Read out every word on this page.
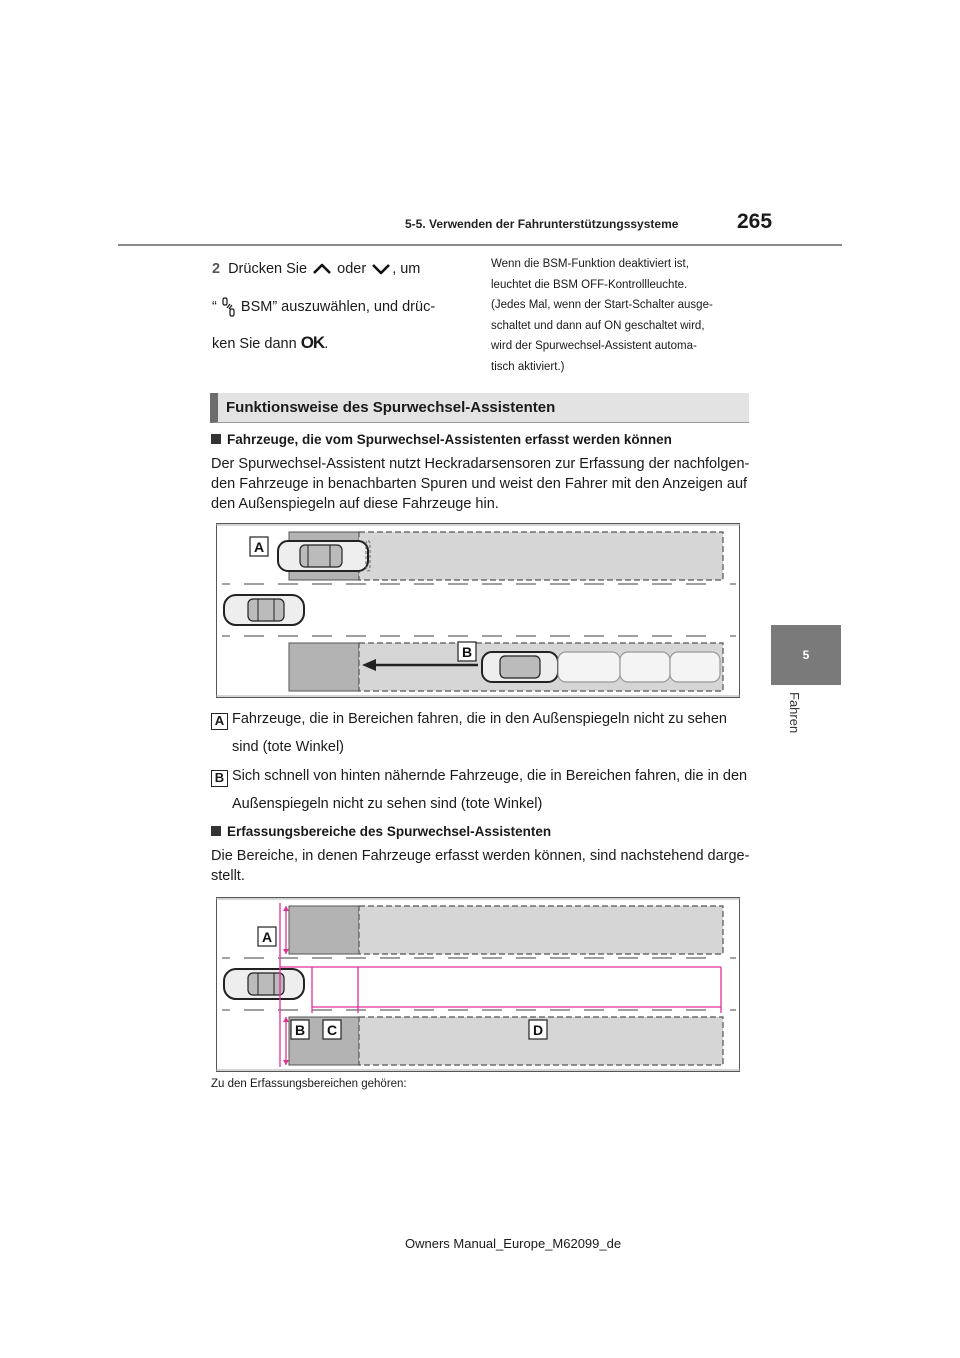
5-5. Verwenden der Fahrunterstützungssysteme	265
5
Fahren
2 Drücken Sie oder , um
“ BSM” auszuwählen, und drüc-
ken Sie dann OK.
Wenn die BSM-Funktion deaktiviert ist,
leuchtet die BSM OFF-Kontrollleuchte.
(Jedes Mal, wenn der Start-Schalter ausge-
schaltet und dann auf ON geschaltet wird,
wird der Spurwechsel-Assistent automa-
tisch aktiviert.)
Funktionsweise des Spurwechsel-Assistenten
Fahrzeuge, die vom Spurwechsel-Assistenten erfasst werden können
Der Spurwechsel-Assistent nutzt Heckradarsensoren zur Erfassung der nachfolgen-
den Fahrzeuge in benachbarten Spuren und weist den Fahrer mit den Anzeigen auf
den Außenspiegeln auf diese Fahrzeuge hin.
A
B
A Fahrzeuge, die in Bereichen fahren, die in den Außenspiegeln nicht zu sehen
sind (tote Winkel)
B Sich schnell von hinten nähernde Fahrzeuge, die in Bereichen fahren, die in den
Außenspiegeln nicht zu sehen sind (tote Winkel)
Erfassungsbereiche des Spurwechsel-Assistenten
Die Bereiche, in denen Fahrzeuge erfasst werden können, sind nachstehend darge-
stellt.
A
B C	D
Zu den Erfassungsbereichen gehören:
Owners Manual_Europe_M62099_de
